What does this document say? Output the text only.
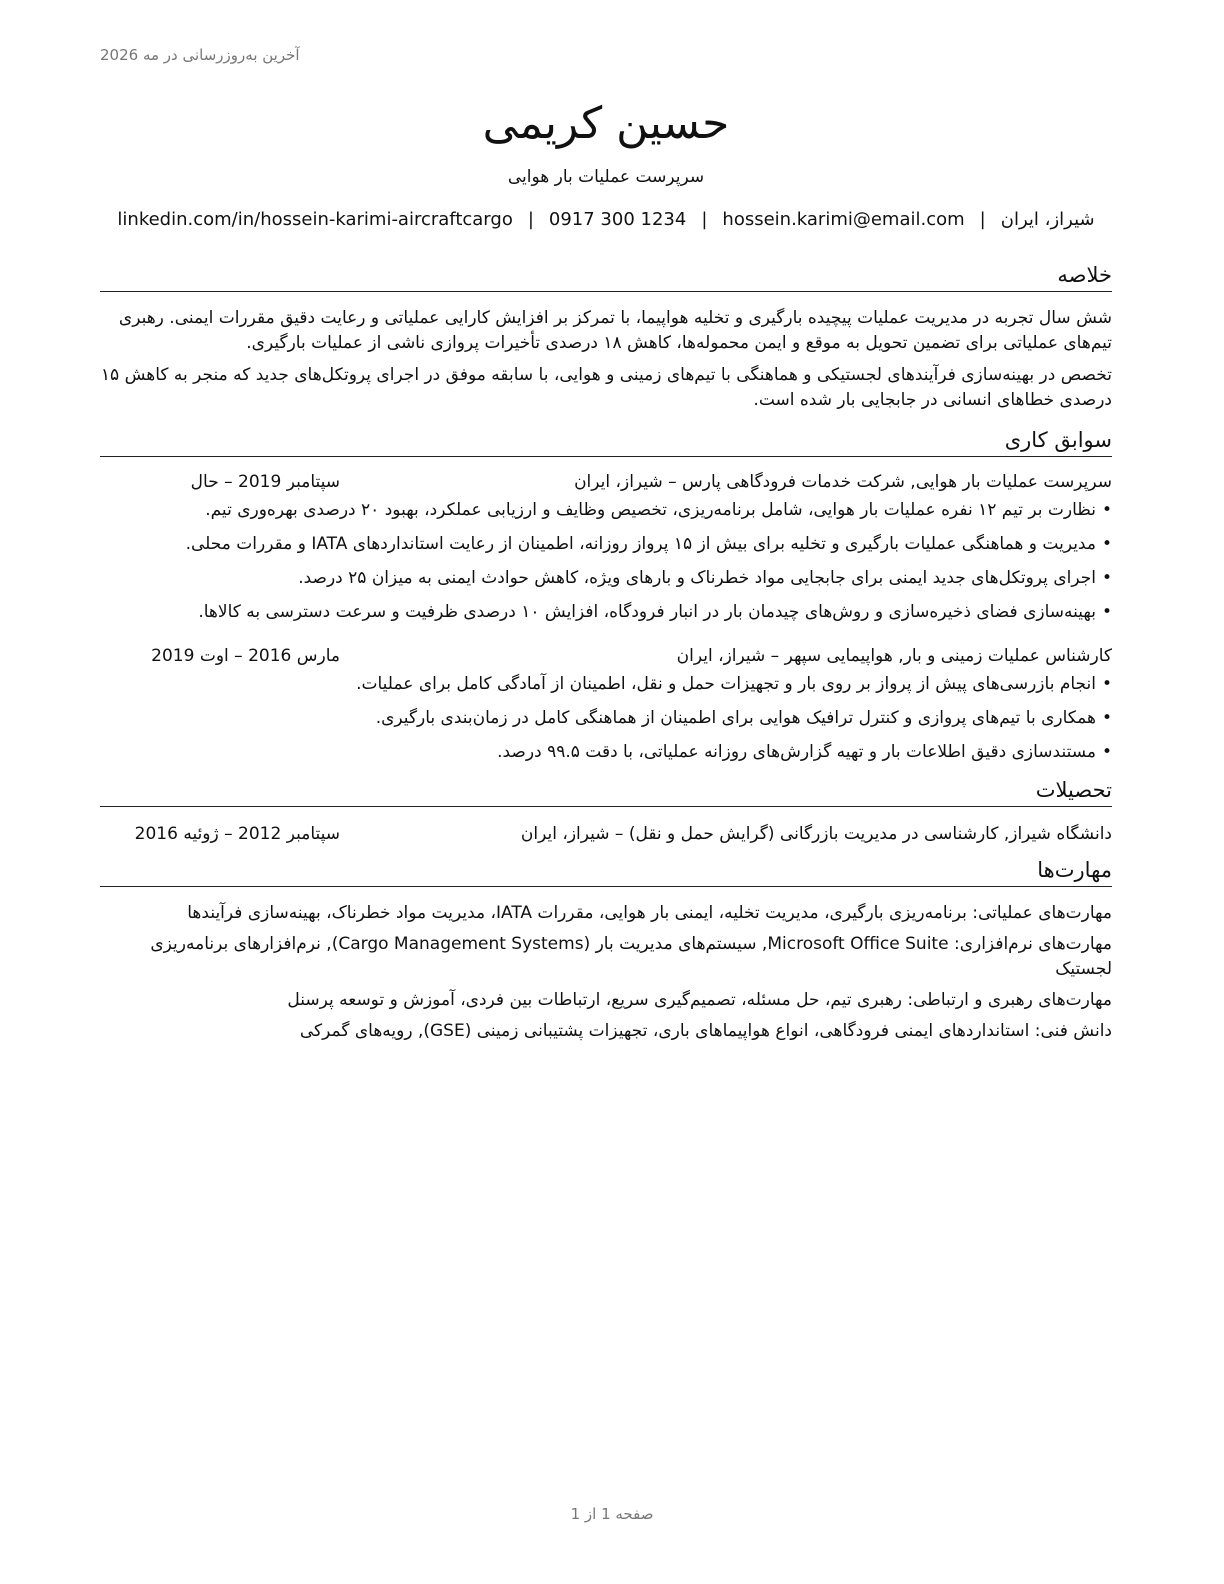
آخرین به‌روزرسانی در مه 2026
حسین کریمی
سرپرست عملیات بار هوایی
شیراز، ایران|hossein.karimi@email.com|0917 300 1234|linkedin.com/in/hossein-karimi-aircraftcargo
خلاصه

شش سال تجربه در مدیریت عملیات پیچیده بارگیری و تخلیه هواپیما، با تمرکز بر افزایش کارایی عملیاتی و رعایت دقیق مقررات ایمنی. رهبری تیم‌های عملیاتی برای تضمین تحویل به موقع و ایمن محموله‌ها، کاهش ۱۸ درصدی تأخیرات پروازی ناشی از عملیات بارگیری.

تخصص در بهینه‌سازی فرآیندهای لجستیکی و هماهنگی با تیم‌های زمینی و هوایی، با سابقه موفق در اجرای پروتکل‌های جدید که منجر به کاهش ۱۵ درصدی خطاهای انسانی در جابجایی بار شده است.

سوابق کاری
سرپرست عملیات بار هوایی, شرکت خدمات فرودگاهی پارس – شیراز، ایران
سپتامبر 2019 – حال
• نظارت بر تیم ۱۲ نفره عملیات بار هوایی، شامل برنامه‌ریزی، تخصیص وظایف و ارزیابی عملکرد، بهبود ۲۰ درصدی بهره‌وری تیم.
• مدیریت و هماهنگی عملیات بارگیری و تخلیه برای بیش از ۱۵ پرواز روزانه، اطمینان از رعایت استانداردهای IATA و مقررات محلی.
• اجرای پروتکل‌های جدید ایمنی برای جابجایی مواد خطرناک و بارهای ویژه، کاهش حوادث ایمنی به میزان ۲۵ درصد.
• بهینه‌سازی فضای ذخیره‌سازی و روش‌های چیدمان بار در انبار فرودگاه، افزایش ۱۰ درصدی ظرفیت و سرعت دسترسی به کالاها.
کارشناس عملیات زمینی و بار, هواپیمایی سپهر – شیراز، ایران
مارس 2016 – اوت 2019
• انجام بازرسی‌های پیش از پرواز بر روی بار و تجهیزات حمل و نقل، اطمینان از آمادگی کامل برای عملیات.
• همکاری با تیم‌های پروازی و کنترل ترافیک هوایی برای اطمینان از هماهنگی کامل در زمان‌بندی بارگیری.
• مستندسازی دقیق اطلاعات بار و تهیه گزارش‌های روزانه عملیاتی، با دقت ۹۹.۵ درصد.
تحصیلات
دانشگاه شیراز, کارشناسی در مدیریت بازرگانی (گرایش حمل و نقل) – شیراز، ایران
سپتامبر 2012 – ژوئیه 2016
مهارت‌ها
مهارت‌های عملیاتی: برنامه‌ریزی بارگیری، مدیریت تخلیه، ایمنی بار هوایی، مقررات IATA، مدیریت مواد خطرناک، بهینه‌سازی فرآیندها
مهارت‌های نرم‌افزاری: Microsoft Office Suite, سیستم‌های مدیریت بار (Cargo Management Systems), نرم‌افزارهای برنامه‌ریزی لجستیک
مهارت‌های رهبری و ارتباطی: رهبری تیم، حل مسئله، تصمیم‌گیری سریع، ارتباطات بین فردی، آموزش و توسعه پرسنل
دانش فنی: استانداردهای ایمنی فرودگاهی، انواع هواپیماهای باری، تجهیزات پشتیبانی زمینی (GSE), رویه‌های گمرکی
صفحه 1 از 1
